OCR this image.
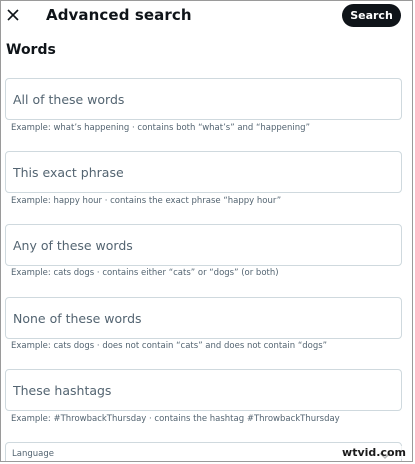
Advanced search	Search
Words
All of these words
Example: what’s happening · contains both “what’s” and “happening”
This exact phrase
Example: happy hour · contains the exact phrase “happy hour”
Any of these words
Example: cats dogs · contains either “cats” or “dogs” (or both)
None of these words
Example: cats dogs · does not contain “cats” and does not contain “dogs”
These hashtags
Example: #ThrowbackThursday · contains the hashtag #ThrowbackThursday
Language	wtvid.com
